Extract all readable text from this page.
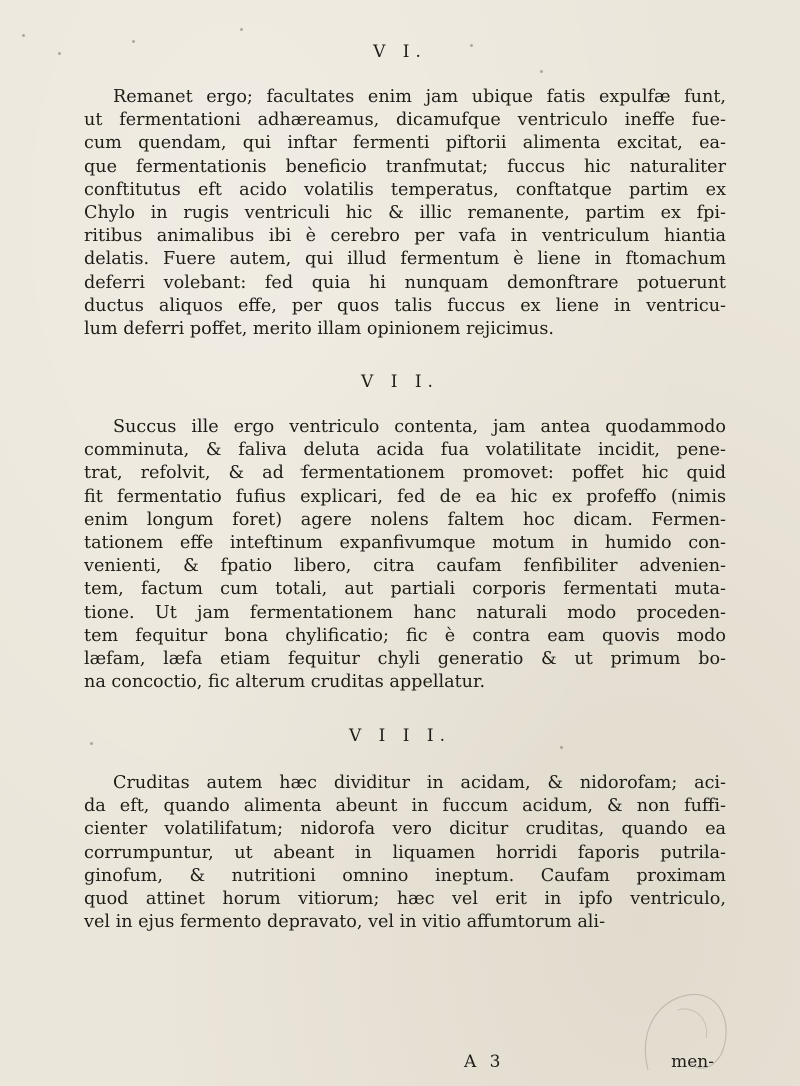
V I.

Remanet ergo; facultates enim jam ubique fatis expulfæ funt,
ut fermentationi adhæreamus, dicamufque ventriculo ineffe fue-
cum quendam, qui inftar fermenti piftorii alimenta excitat, ea-
que fermentationis beneficio tranfmutat; fuccus hic naturaliter
conftitutus eft acido volatilis temperatus, conftatque partim ex
Chylo in rugis ventriculi hic & illic remanente, partim ex fpi-
ritibus animalibus ibi è cerebro per vafa in ventriculum hiantia
delatis. Fuere autem, qui illud fermentum è liene in ftomachum
deferri volebant: fed quia hi nunquam demonftrare potuerunt
ductus aliquos effe, per quos talis fuccus ex liene in ventricu-
lum deferri poffet, merito illam opinionem rejicimus.

V I I.

Succus ille ergo ventriculo contenta, jam antea quodammodo
comminuta, & faliva deluta acida fua volatilitate incidit, pene-
trat, refolvit, & ad fermentationem promovet: poffet hic quid
fit fermentatio fufius explicari, fed de ea hic ex profeffo (nimis
enim longum foret) agere nolens faltem hoc dicam. Fermen-
tationem effe inteftinum expanfivumque motum in humido con-
venienti, & fpatio libero, citra caufam fenfibiliter advenien-
tem, factum cum totali, aut partiali corporis fermentati muta-
tione. Ut jam fermentationem hanc naturali modo proceden-
tem fequitur bona chylificatio; fic è contra eam quovis modo
læfam, læfa etiam fequitur chyli generatio & ut primum bo-
na concoctio, fic alterum cruditas appellatur.

V I I I.

Cruditas autem hæc dividitur in acidam, & nidorofam; aci-
da eft, quando alimenta abeunt in fuccum acidum, & non fuffi-
cienter volatilifatum; nidorofa vero dicitur cruditas, quando ea
corrumpuntur, ut abeant in liquamen horridi faporis putrila-
ginofum, & nutritioni omnino ineptum. Caufam proximam
quod attinet horum vitiorum; hæc vel erit in ipfo ventriculo,
vel in ejus fermento depravato, vel in vitio affumtorum ali-

A 3	men-
